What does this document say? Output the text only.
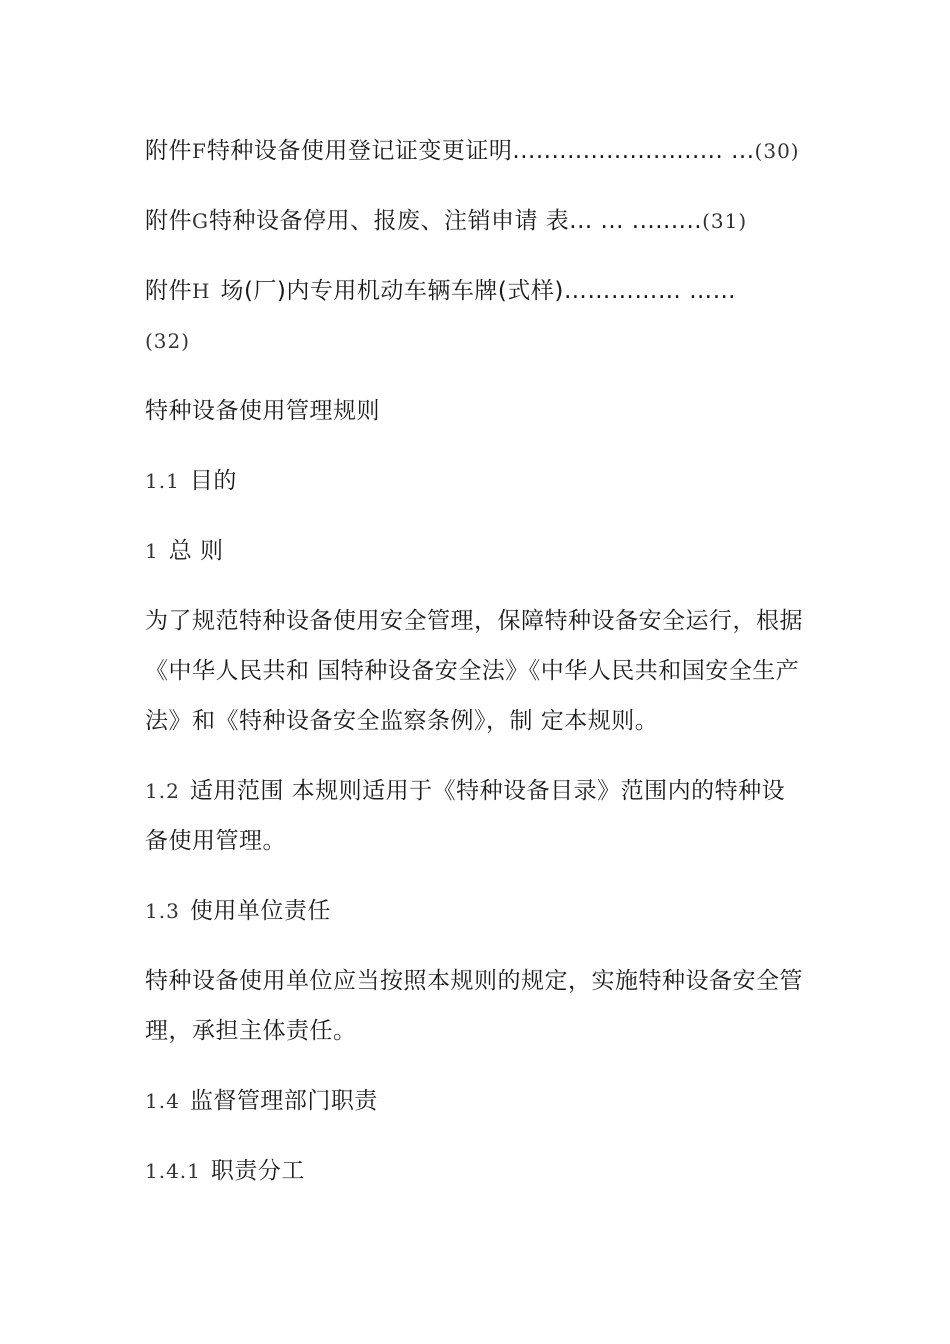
附件F特种设备使用登记证变更证明........................... ...(30)
附件G特种设备停用、报废、注销申请 表... ... .........(31)
附件H 场(厂)内专用机动车辆车牌(式样)…………… ……
(32)
特种设备使用管理规则
1.1 目的
1 总 则
为了规范特种设备使用安全管理，保障特种设备安全运行，根据《中华人民共和 国特种设备安全法》《中华人民共和国安全生产法》和《特种设备安全监察条例》，制 定本规则。
1.2 适用范围 本规则适用于《特种设备目录》范围内的特种设备使用管理。
1.3 使用单位责任
特种设备使用单位应当按照本规则的规定，实施特种设备安全管理，承担主体责任。
1.4 监督管理部门职责
1.4.1 职责分工
